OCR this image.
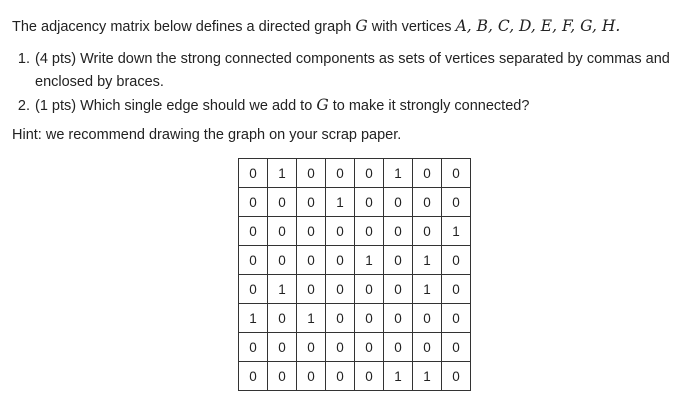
The adjacency matrix below defines a directed graph G with vertices A, B, C, D, E, F, G, H.
1. (4 pts) Write down the strong connected components as sets of vertices separated by commas and enclosed by braces.
2. (1 pts) Which single edge should we add to G to make it strongly connected?
Hint: we recommend drawing the graph on your scrap paper.
0	1	0	0	0	1	0	0
0	0	0	1	0	0	0	0
0	0	0	0	0	0	0	1
0	0	0	0	1	0	1	0
0	1	0	0	0	0	1	0
1	0	1	0	0	0	0	0
0	0	0	0	0	0	0	0
0	0	0	0	0	1	1	0
